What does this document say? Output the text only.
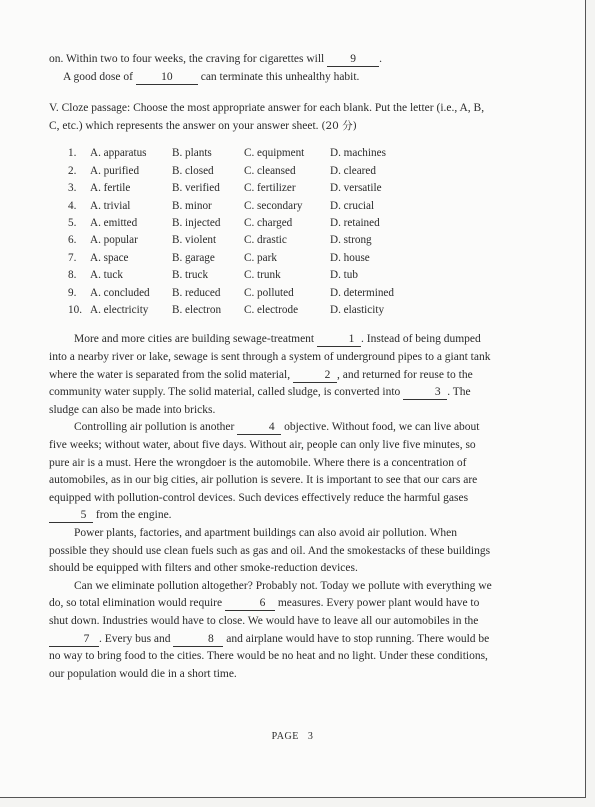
on. Within two to four weeks, the craving for cigarettes will 9 .

A good dose of 10 can terminate this unhealthy habit.

V. Cloze passage: Choose the most appropriate answer for each blank. Put the letter (i.e., A, B, C, etc.) which represents the answer on your answer sheet. (20 分)

1.	A. apparatus	B. plants	C. equipment	D. machines
2.	A. purified	B. closed	C. cleansed	D. cleared
3.	A. fertile	B. verified	C. fertilizer	D. versatile
4.	A. trivial	B. minor	C. secondary	D. crucial
5.	A. emitted	B. injected	C. charged	D. retained
6.	A. popular	B. violent	C. drastic	D. strong
7.	A. space	B. garage	C. park	D. house
8.	A. tuck	B. truck	C. trunk	D. tub
9.	A. concluded	B. reduced	C. polluted	D. determined
10.	A. electricity	B. electron	C. electrode	D. elasticity

More and more cities are building sewage-treatment	1 . Instead of being dumped into a nearby river or lake, sewage is sent through a system of underground pipes to a giant tank where the water is separated from the solid material,	2 , and returned for reuse to the community water supply. The solid material, called sludge, is converted into	3 . The sludge can also be made into bricks.

Controlling air pollution is another	4 objective. Without food, we can live about five weeks; without water, about five days. Without air, people can only live five minutes, so pure air is a must. Here the wrongdoer is the automobile. Where there is a concentration of automobiles, as in our big cities, air pollution is severe. It is important to see that our cars are equipped with pollution-control devices. Such devices effectively reduce the harmful gases 5 from the engine.

Power plants, factories, and apartment buildings can also avoid air pollution. When possible they should use clean fuels such as gas and oil. And the smokestacks of these buildings should be equipped with filters and other smoke-reduction devices.

Can we eliminate pollution altogether? Probably not. Today we pollute with everything we do, so total elimination would require	6 measures. Every power plant would have to shut down. Industries would have to close. We would have to leave all our automobiles in the 7 . Every bus and	8 and airplane would have to stop running. There would be no way to bring food to the cities. There would be no heat and no light. Under these conditions, our population would die in a short time.

PAGE 3
